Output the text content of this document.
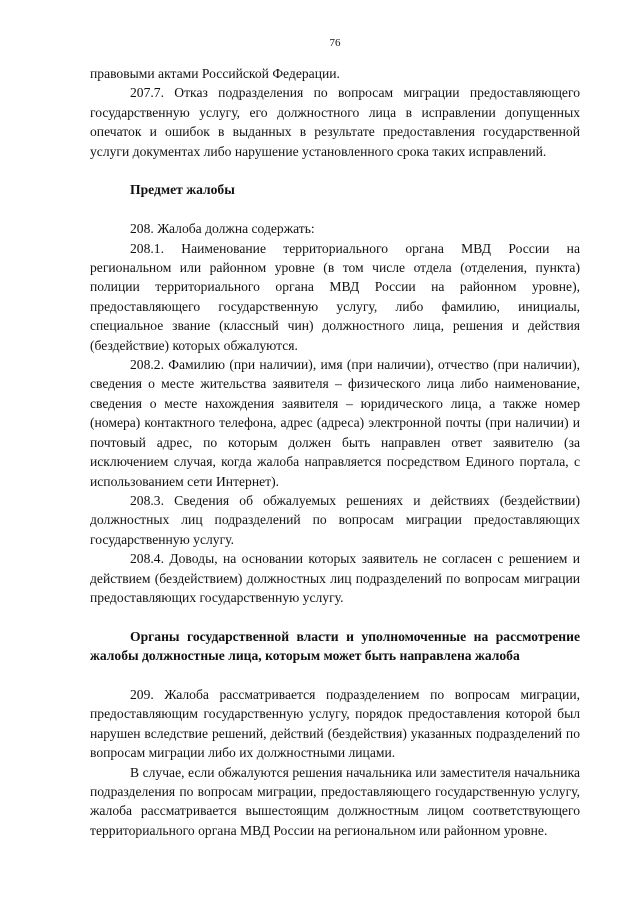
76

правовыми актами Российской Федерации.

207.7. Отказ подразделения по вопросам миграции предоставляющего государственную услугу, его должностного лица в исправлении допущенных опечаток и ошибок в выданных в результате предоставления государственной услуги документах либо нарушение установленного срока таких исправлений.

Предмет жалобы

208. Жалоба должна содержать:

208.1. Наименование территориального органа МВД России на региональном или районном уровне (в том числе отдела (отделения, пункта) полиции территориального органа МВД России на районном уровне), предоставляющего государственную услугу, либо фамилию, инициалы, специальное звание (классный чин) должностного лица, решения и действия (бездействие) которых обжалуются.

208.2. Фамилию (при наличии), имя (при наличии), отчество (при наличии), сведения о месте жительства заявителя – физического лица либо наименование, сведения о месте нахождения заявителя – юридического лица, а также номер (номера) контактного телефона, адрес (адреса) электронной почты (при наличии) и почтовый адрес, по которым должен быть направлен ответ заявителю (за исключением случая, когда жалоба направляется посредством Единого портала, с использованием сети Интернет).

208.3. Сведения об обжалуемых решениях и действиях (бездействии) должностных лиц подразделений по вопросам миграции предоставляющих государственную услугу.

208.4. Доводы, на основании которых заявитель не согласен с решением и действием (бездействием) должностных лиц подразделений по вопросам миграции предоставляющих государственную услугу.

Органы государственной власти и уполномоченные на рассмотрение жалобы должностные лица, которым может быть направлена жалоба

209. Жалоба рассматривается подразделением по вопросам миграции, предоставляющим государственную услугу, порядок предоставления которой был нарушен вследствие решений, действий (бездействия) указанных подразделений по вопросам миграции либо их должностными лицами.

В случае, если обжалуются решения начальника или заместителя начальника подразделения по вопросам миграции, предоставляющего государственную услугу, жалоба рассматривается вышестоящим должностным лицом соответствующего территориального органа МВД России на региональном или районном уровне.
